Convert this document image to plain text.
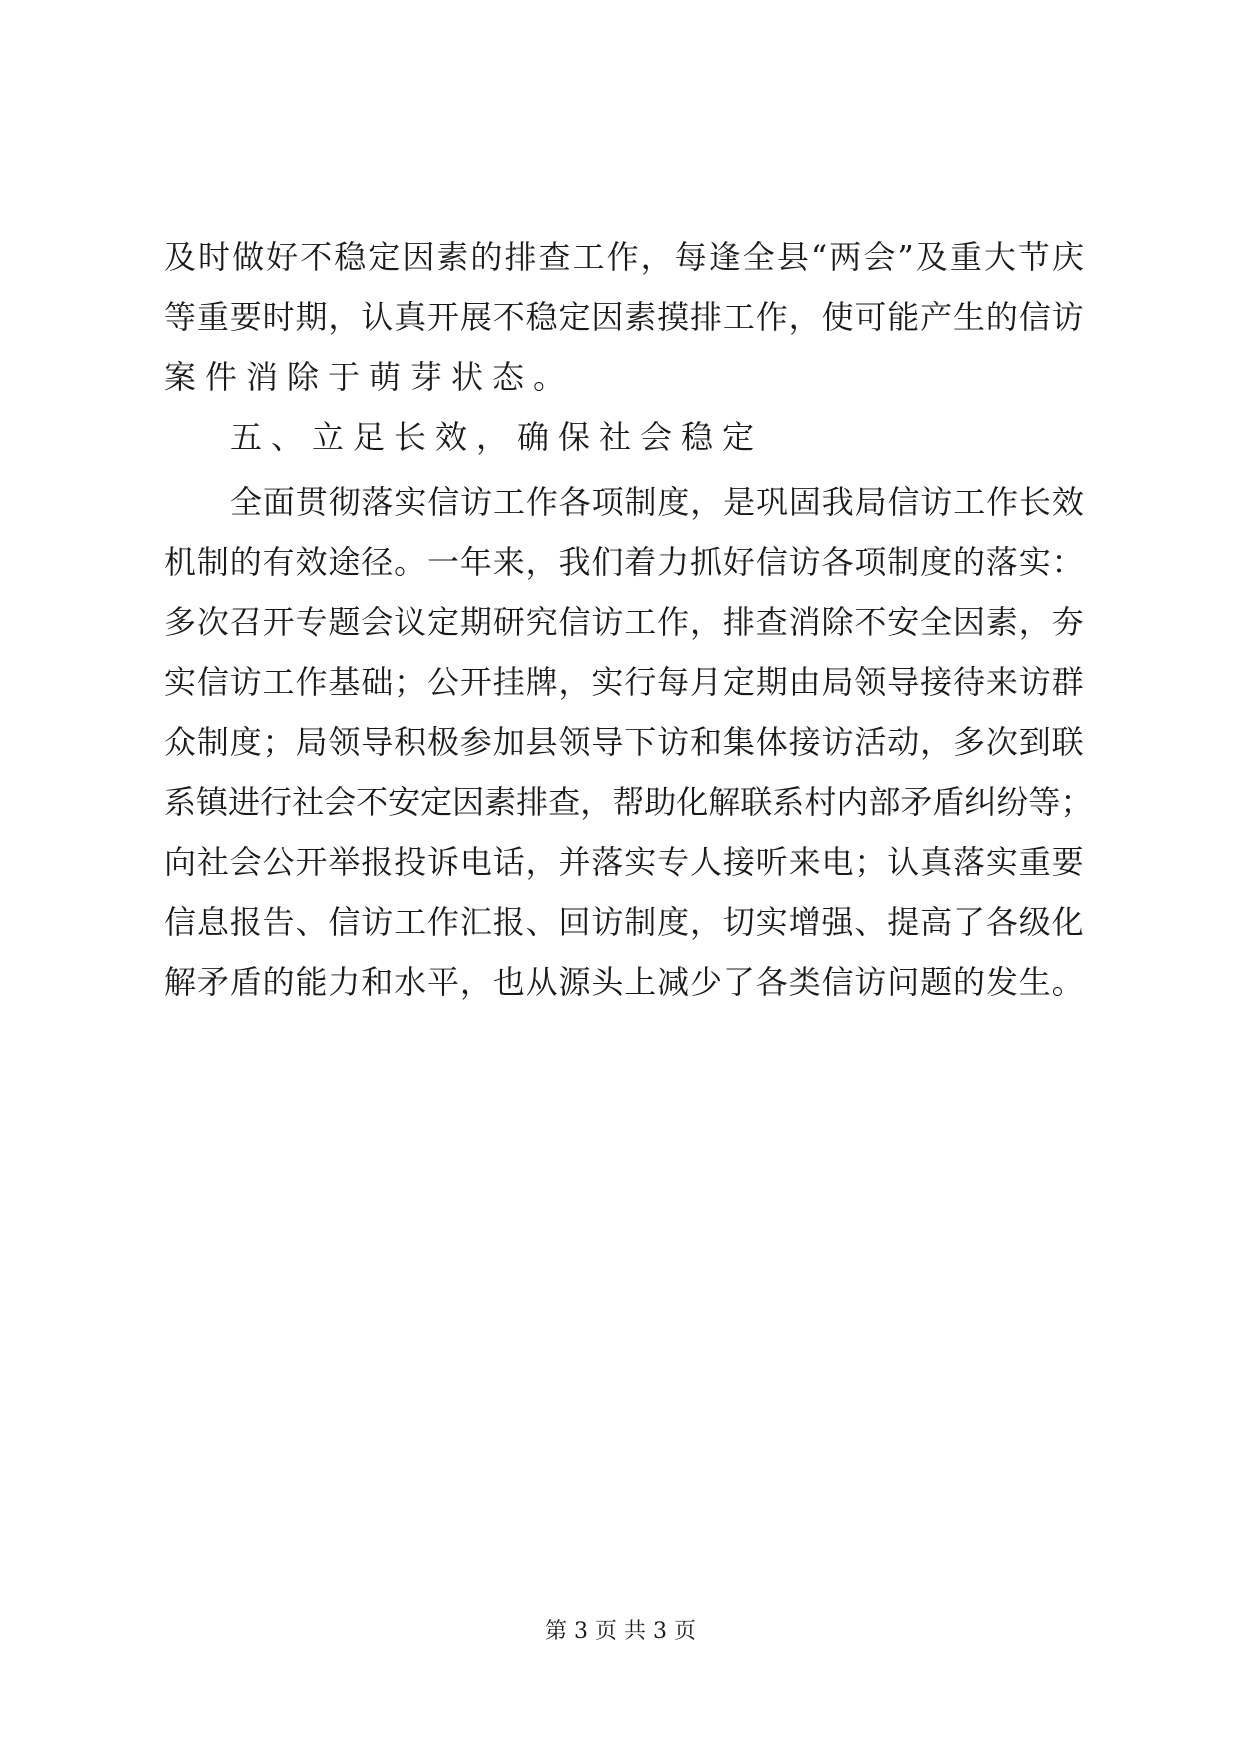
及 时 做 好 不 稳 定 因 素 的 排 查 工 作 ， 每 逢 全 县 “ 两 会 ” 及 重 大 节 庆
等 重 要 时 期 ， 认 真 开 展 不 稳 定 因 素 摸 排 工 作 ， 使 可 能 产 生 的 信 访
案件消除于萌芽状态。
五、立足长效，确保社会稳定
全 面 贯 彻 落 实 信 访 工 作 各 项 制 度 ， 是 巩 固 我 局 信 访 工 作 长 效
机 制 的 有 效 途 径 。 一 年 来 ， 我 们 着 力 抓 好 信 访 各 项 制 度 的 落 实 ：
多 次 召 开 专 题 会 议 定 期 研 究 信 访 工 作 ， 排 查 消 除 不 安 全 因 素 ， 夯
实 信 访 工 作 基 础 ； 公 开 挂 牌 ， 实 行 每 月 定 期 由 局 领 导 接 待 来 访 群
众 制 度 ； 局 领 导 积 极 参 加 县 领 导 下 访 和 集 体 接 访 活 动 ， 多 次 到 联
系 镇 进 行 社 会 不 安 定 因 素 排 查 ， 帮 助 化 解 联 系 村 内 部 矛 盾 纠 纷 等 ；
向 社 会 公 开 举 报 投 诉 电 话 ， 并 落 实 专 人 接 听 来 电 ； 认 真 落 实 重 要
信 息 报 告 、 信 访 工 作 汇 报 、 回 访 制 度 ， 切 实 增 强 、 提 高 了 各 级 化
解 矛 盾 的 能 力 和 水 平 ， 也 从 源 头 上 减 少 了 各 类 信 访 问 题 的 发 生 。
第 3 页 共 3 页
